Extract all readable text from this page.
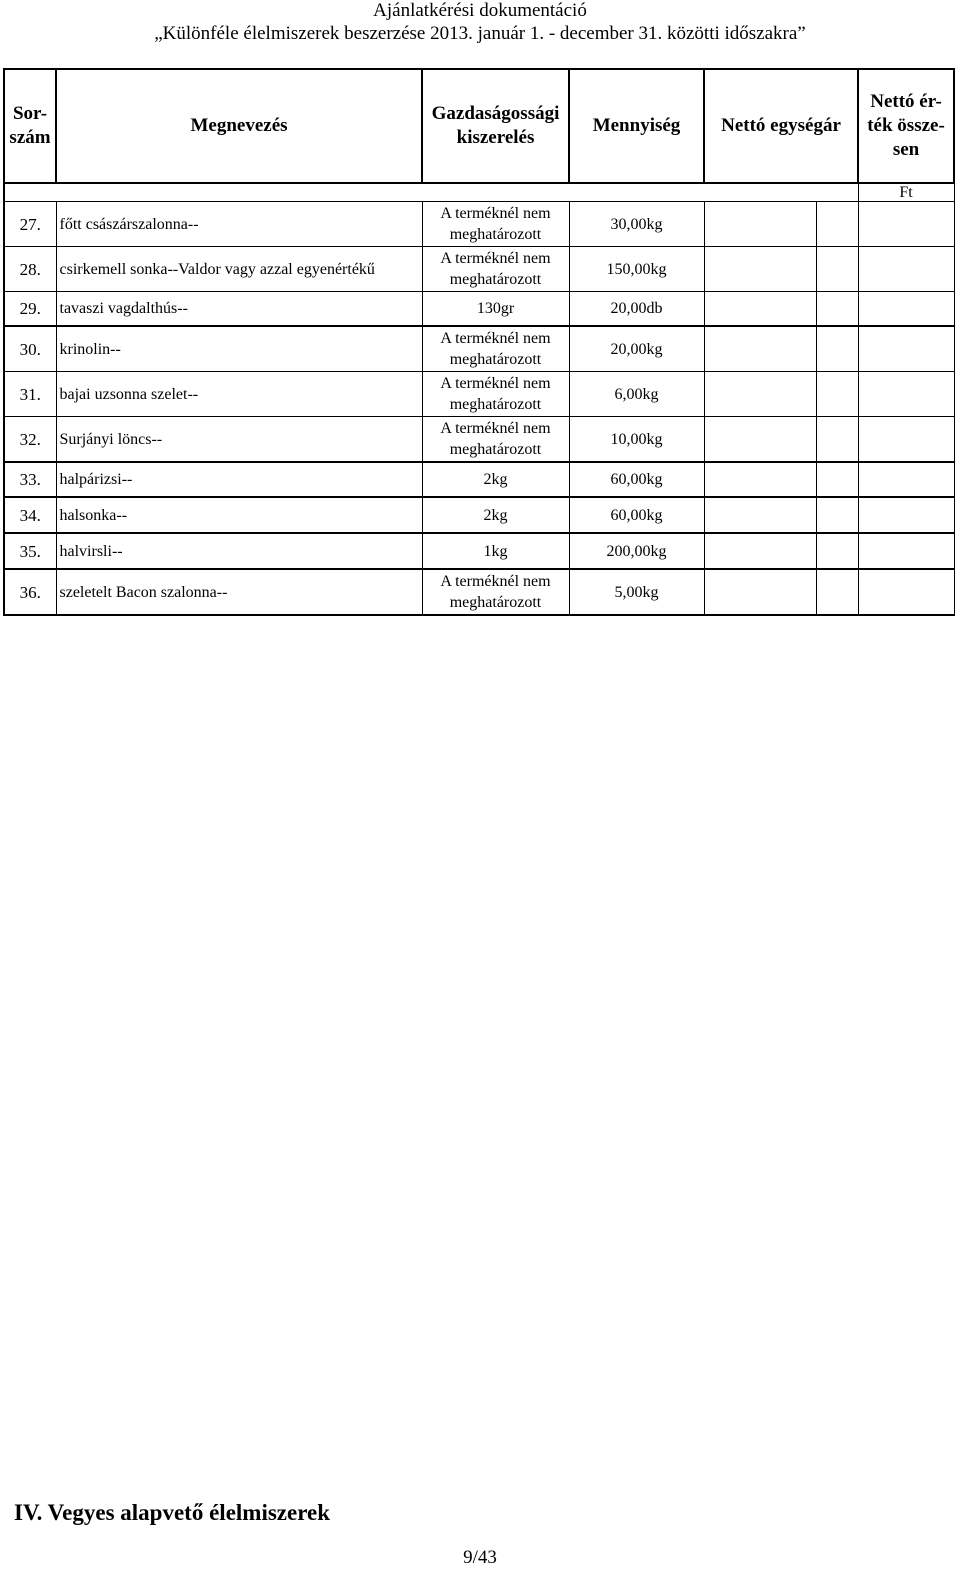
Ajánlatkérési dokumentáció
„Különféle élelmiszerek beszerzése 2013. január 1. - december 31. közötti időszakra”
Sor-szám	Megnevezés	Gazdaságossági kiszerelés	Mennyiség	Nettó egységár		Nettó ér-ték össze-sen
						Ft
27.	főtt császárszalonna--	A terméknél nem meghatározott	30,00kg			
28.	csirkemell sonka--Valdor vagy azzal egyenértékű	A terméknél nem meghatározott	150,00kg			
29.	tavaszi vagdalthús--	130gr	20,00db			
30.	krinolin--	A terméknél nem meghatározott	20,00kg			
31.	bajai uzsonna szelet--	A terméknél nem meghatározott	6,00kg			
32.	Surjányi löncs--	A terméknél nem meghatározott	10,00kg			
33.	halpárizsi--	2kg	60,00kg			
34.	halsonka--	2kg	60,00kg			
35.	halvirsli--	1kg	200,00kg			
36.	szeletelt Bacon szalonna--	A terméknél nem meghatározott	5,00kg			
IV. Vegyes alapvető élelmiszerek
9/43
